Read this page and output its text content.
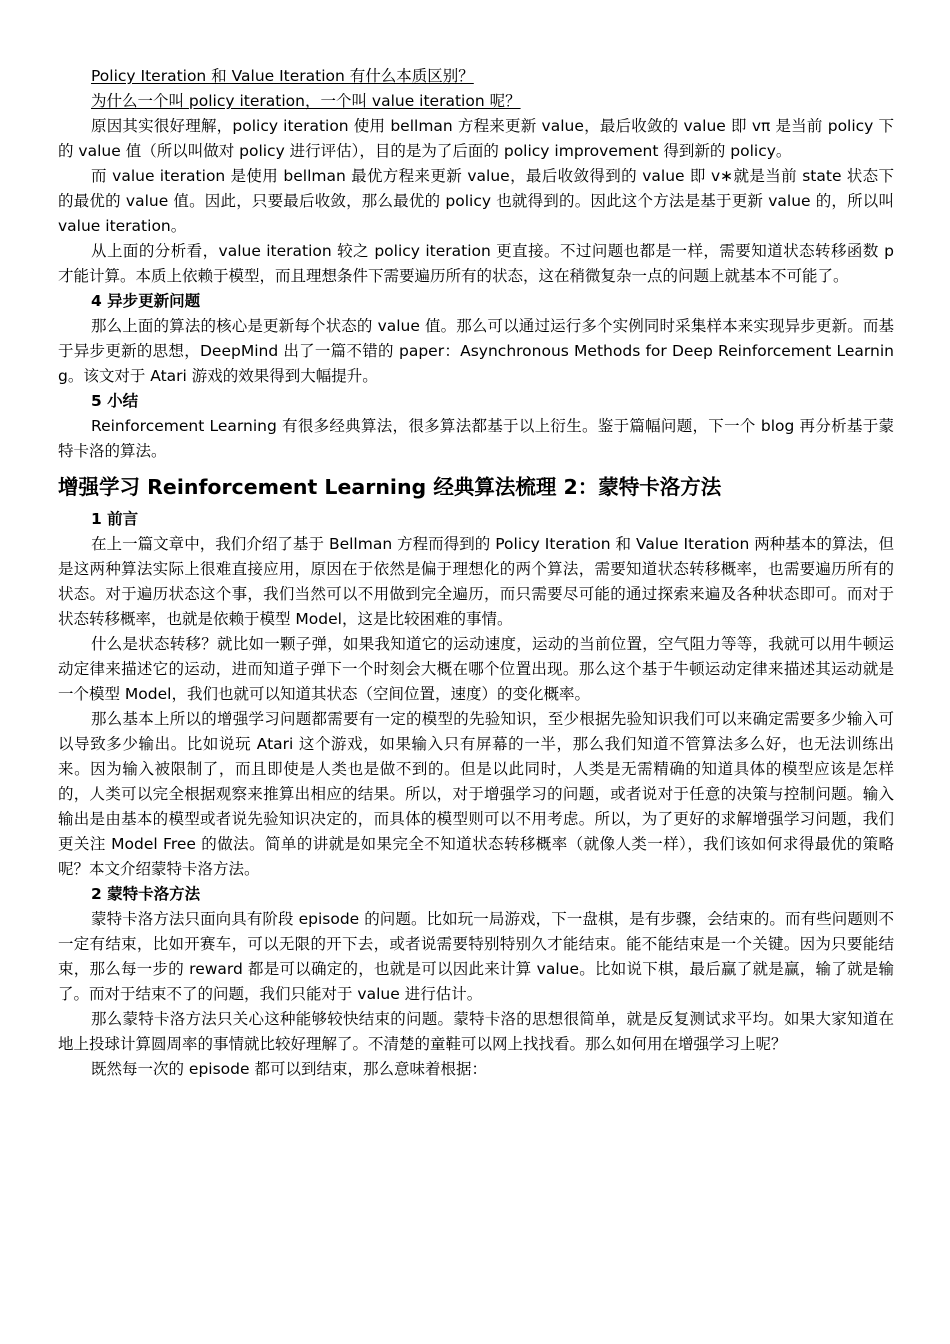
Policy Iteration 和 Value Iteration 有什么本质区别？
为什么一个叫 policy iteration，一个叫 value iteration 呢？

原因其实很好理解，policy iteration 使用 bellman 方程来更新 value，最后收敛的 value 即 vπ 是当前 policy 下的 value 值（所以叫做对 policy 进行评估），目的是为了后面的 policy improvement 得到新的 policy。

而 value iteration 是使用 bellman 最优方程来更新 value，最后收敛得到的 value 即 v∗就是当前 state 状态下的最优的 value 值。因此，只要最后收敛，那么最优的 policy 也就得到的。因此这个方法是基于更新 value 的，所以叫 value iteration。

从上面的分析看，value iteration 较之 policy iteration 更直接。不过问题也都是一样，需要知道状态转移函数 p 才能计算。本质上依赖于模型，而且理想条件下需要遍历所有的状态，这在稍微复杂一点的问题上就基本不可能了。

4 异步更新问题

那么上面的算法的核心是更新每个状态的 value 值。那么可以通过运行多个实例同时采集样本来实现异步更新。而基于异步更新的思想，DeepMind 出了一篇不错的 paper：Asynchronous Methods for Deep Reinforcement Learning。该文对于 Atari 游戏的效果得到大幅提升。

5 小结

Reinforcement Learning 有很多经典算法，很多算法都基于以上衍生。鉴于篇幅问题，下一个 blog 再分析基于蒙特卡洛的算法。

增强学习 Reinforcement Learning 经典算法梳理 2：蒙特卡洛方法
1 前言

在上一篇文章中，我们介绍了基于 Bellman 方程而得到的 Policy Iteration 和 Value Iteration 两种基本的算法，但是这两种算法实际上很难直接应用，原因在于依然是偏于理想化的两个算法，需要知道状态转移概率，也需要遍历所有的状态。对于遍历状态这个事，我们当然可以不用做到完全遍历，而只需要尽可能的通过探索来遍及各种状态即可。而对于状态转移概率，也就是依赖于模型 Model，这是比较困难的事情。

什么是状态转移？就比如一颗子弹，如果我知道它的运动速度，运动的当前位置，空气阻力等等，我就可以用牛顿运动定律来描述它的运动，进而知道子弹下一个时刻会大概在哪个位置出现。那么这个基于牛顿运动定律来描述其运动就是一个模型 Model，我们也就可以知道其状态（空间位置，速度）的变化概率。

那么基本上所以的增强学习问题都需要有一定的模型的先验知识，至少根据先验知识我们可以来确定需要多少输入可以导致多少输出。比如说玩 Atari 这个游戏，如果输入只有屏幕的一半，那么我们知道不管算法多么好，也无法训练出来。因为输入被限制了，而且即使是人类也是做不到的。但是以此同时，人类是无需精确的知道具体的模型应该是怎样的，人类可以完全根据观察来推算出相应的结果。所以，对于增强学习的问题，或者说对于任意的决策与控制问题。输入输出是由基本的模型或者说先验知识决定的，而具体的模型则可以不用考虑。所以，为了更好的求解增强学习问题，我们更关注 Model Free 的做法。简单的讲就是如果完全不知道状态转移概率（就像人类一样），我们该如何求得最优的策略呢？本文介绍蒙特卡洛方法。

2 蒙特卡洛方法

蒙特卡洛方法只面向具有阶段 episode 的问题。比如玩一局游戏，下一盘棋，是有步骤，会结束的。而有些问题则不一定有结束，比如开赛车，可以无限的开下去，或者说需要特别特别久才能结束。能不能结束是一个关键。因为只要能结束，那么每一步的 reward 都是可以确定的，也就是可以因此来计算 value。比如说下棋，最后赢了就是赢，输了就是输了。而对于结束不了的问题，我们只能对于 value 进行估计。

那么蒙特卡洛方法只关心这种能够较快结束的问题。蒙特卡洛的思想很简单，就是反复测试求平均。如果大家知道在地上投球计算圆周率的事情就比较好理解了。不清楚的童鞋可以网上找找看。那么如何用在增强学习上呢？

既然每一次的 episode 都可以到结束，那么意味着根据：
